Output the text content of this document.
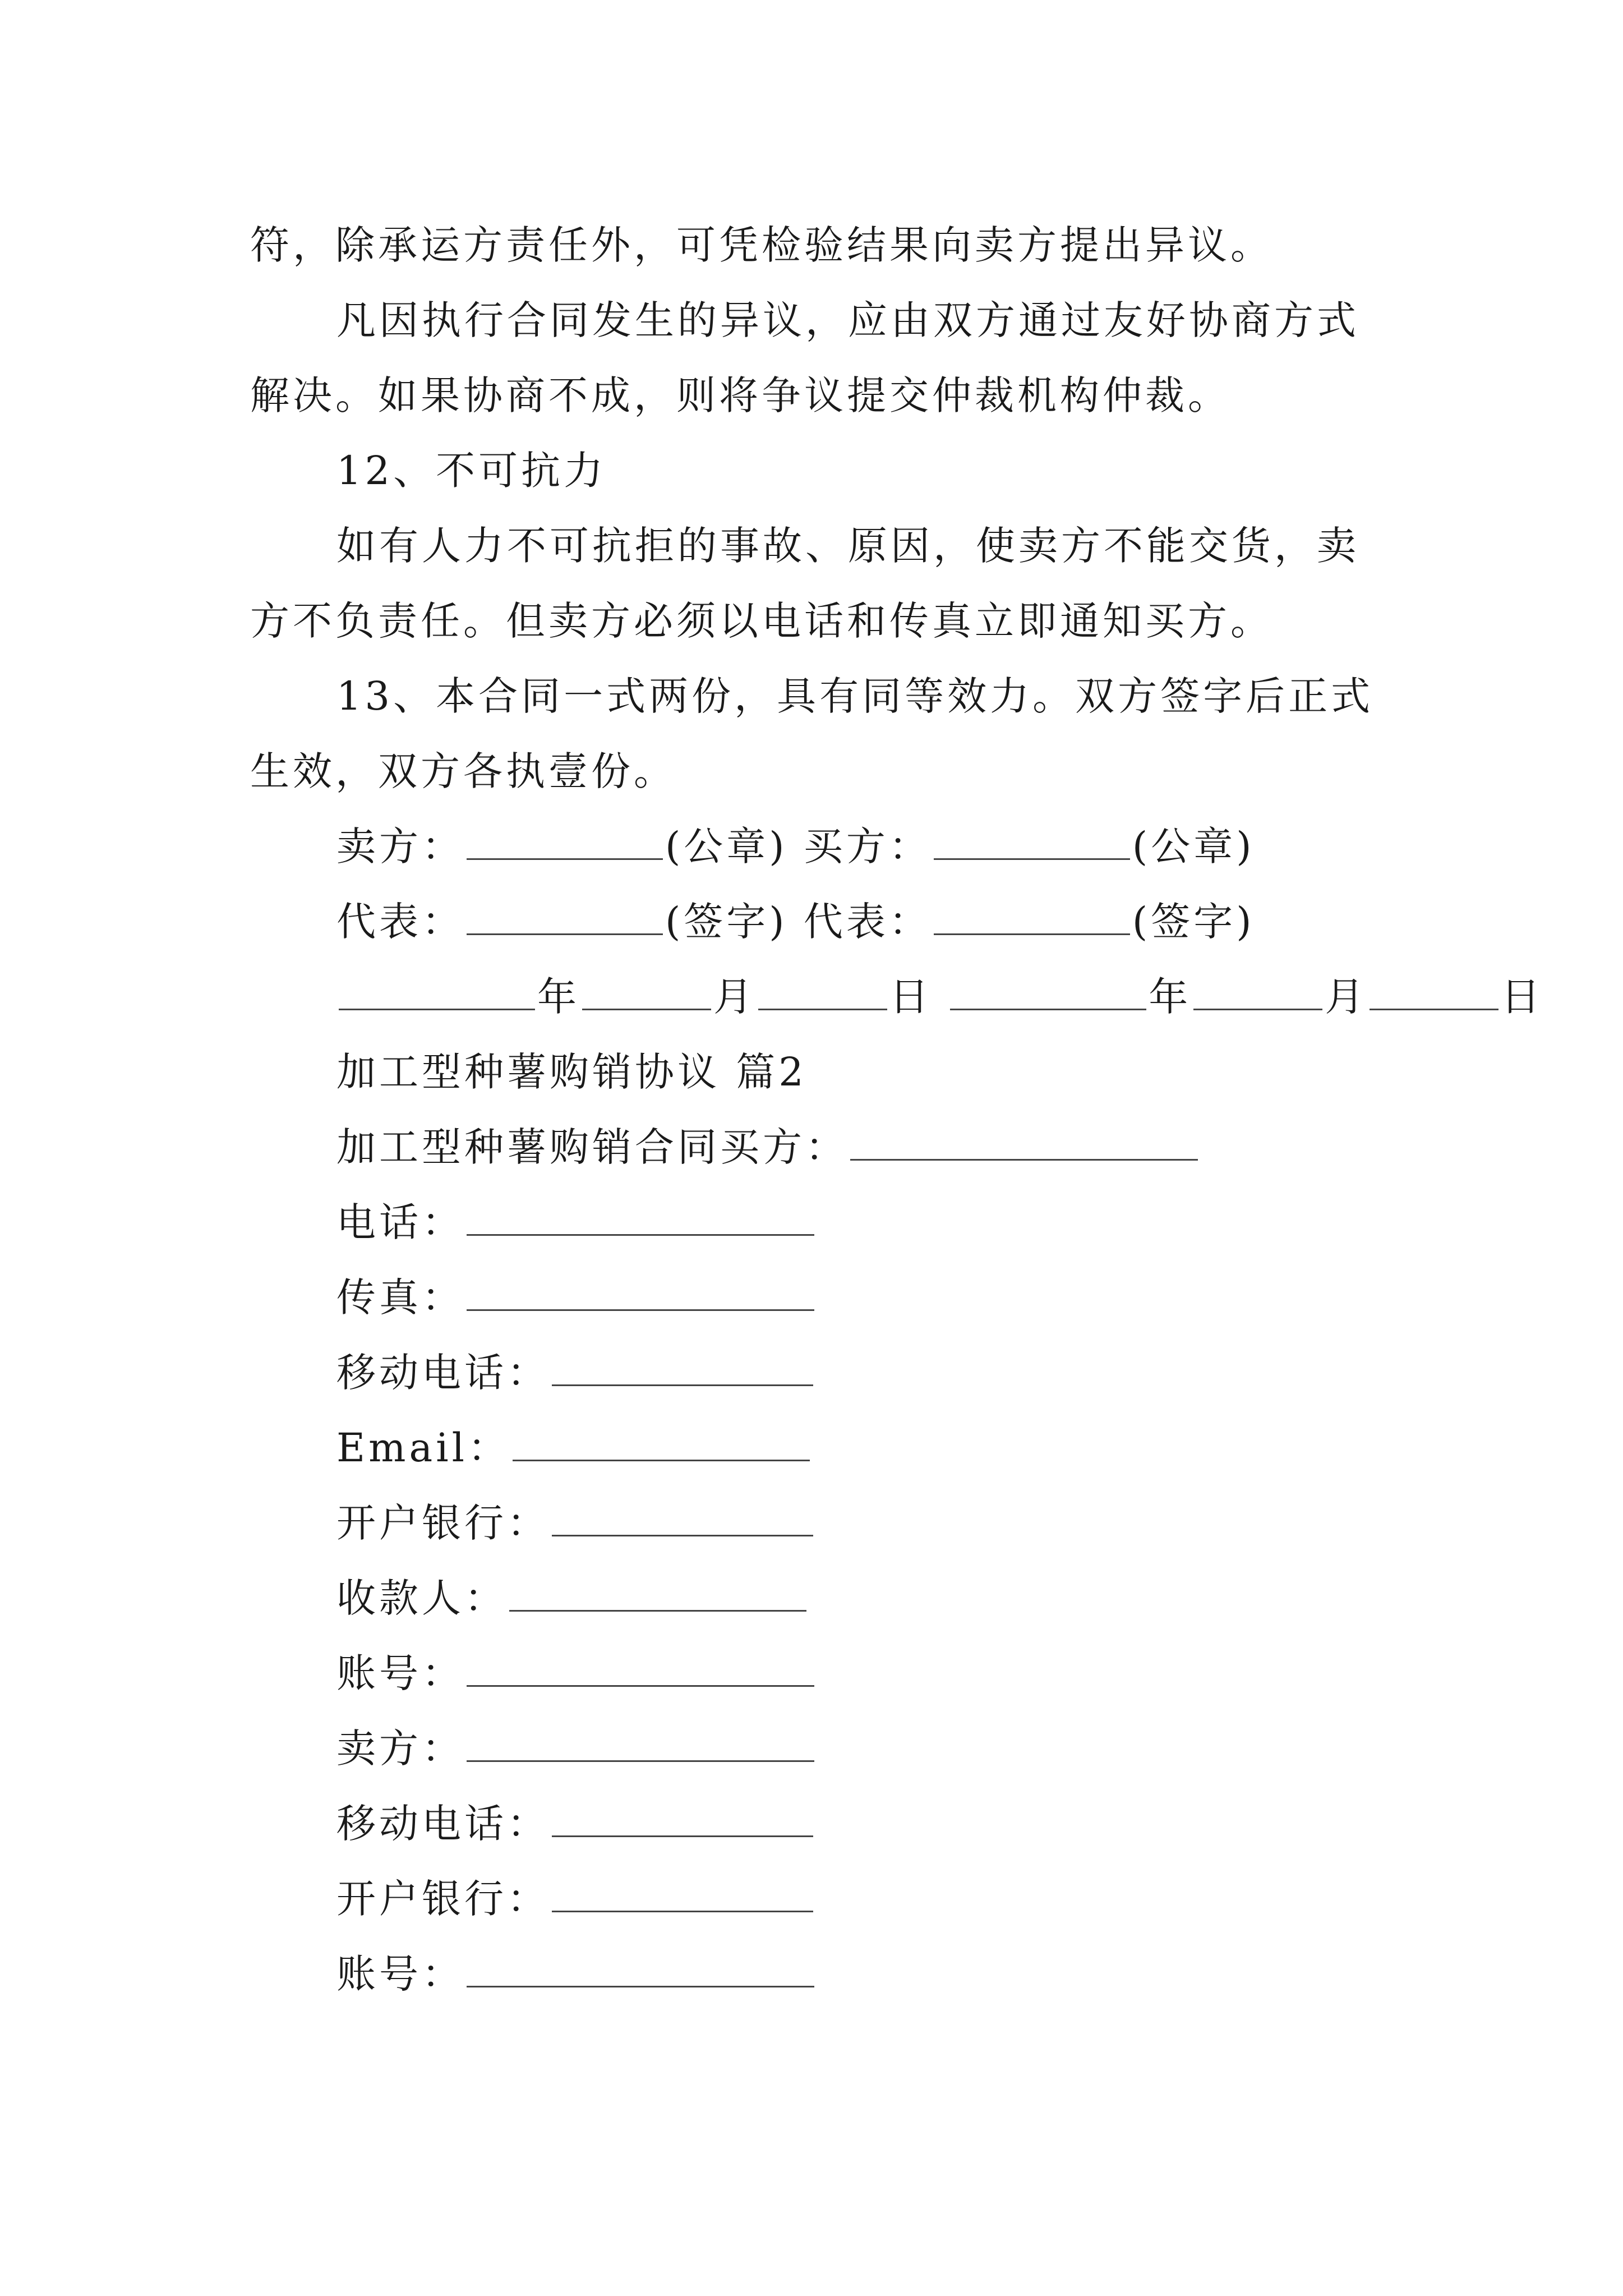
符，除承运方责任外，可凭检验结果向卖方提出异议。
凡因执行合同发生的异议，应由双方通过友好协商方式
解决。如果协商不成，则将争议提交仲裁机构仲裁。
12、不可抗力
如有人力不可抗拒的事故、原因，使卖方不能交货，卖
方不负责任。但卖方必须以电话和传真立即通知买方。
13、本合同一式两份，具有同等效力。双方签字后正式
生效，双方各执壹份。
卖方：	(公章) 买方：	(公章)
代表：	(签字) 代表：	(签字)
年	月	日	年	月	日
加工型种薯购销协议 篇2
加工型种薯购销合同买方：
电话：
传真：
移动电话：
Email：
开户银行：
收款人：
账号：
卖方：
移动电话：
开户银行：
账号：
